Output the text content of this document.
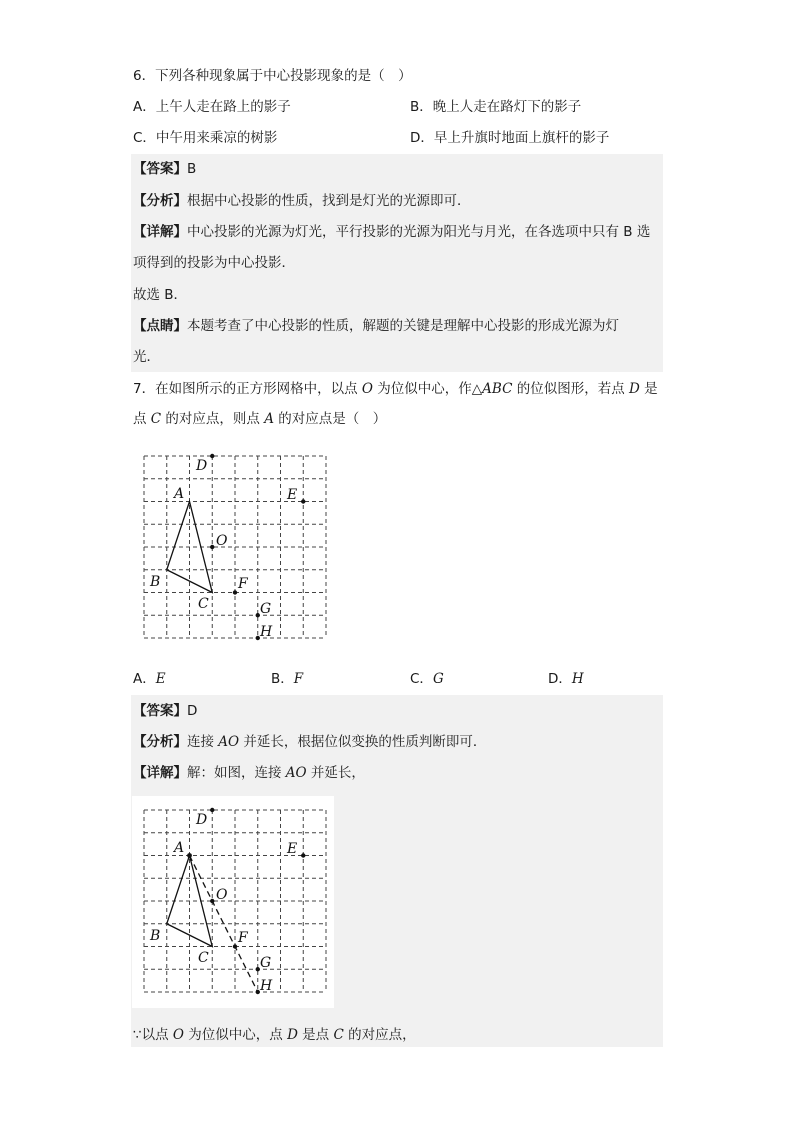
6．下列各种现象属于中心投影现象的是（　）
A．上午人走在路上的影子	B．晚上人走在路灯下的影子
C．中午用来乘凉的树影	D．早上升旗时地面上旗杆的影子
【答案】B
【分析】根据中心投影的性质，找到是灯光的光源即可．
【详解】中心投影的光源为灯光，平行投影的光源为阳光与月光，在各选项中只有 B 选
项得到的投影为中心投影．
故选 B．
【点睛】本题考查了中心投影的性质，解题的关键是理解中心投影的形成光源为灯
光．
7．在如图所示的正方形网格中，以点 O 为位似中心，作△ABC 的位似图形，若点 D 是
点 C 的对应点，则点 A 的对应点是（　）
D
A	E
O
B	F
C	G
H
A．E	B．F	C．G	D．H
【答案】D
【分析】连接 AO 并延长，根据位似变换的性质判断即可．
【详解】解：如图，连接 AO 并延长，
D
A	E
O
B	F
C	G
H
∵以点 O 为位似中心，点 D 是点 C 的对应点，
